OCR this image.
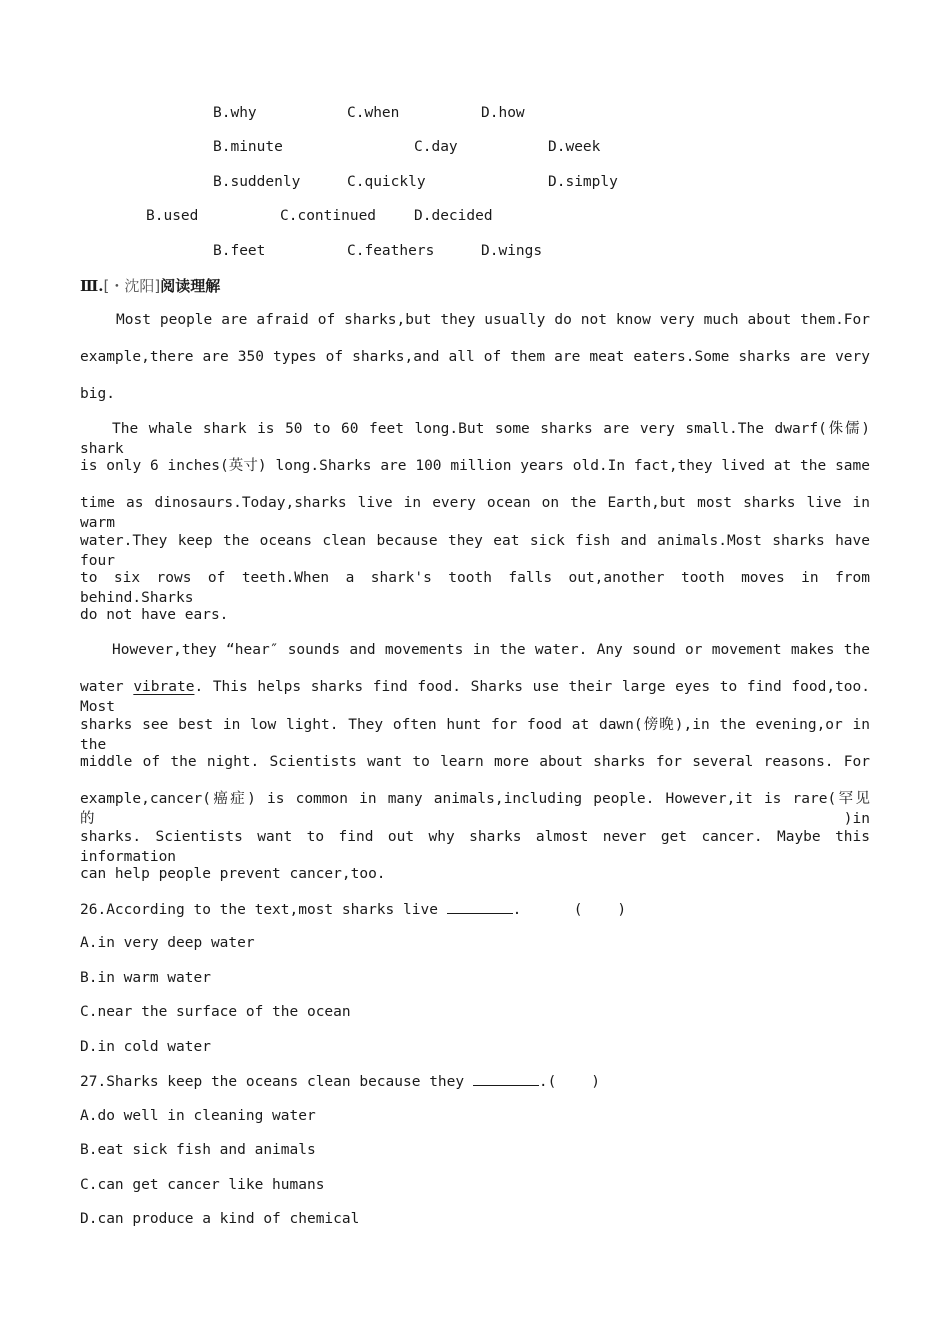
B.why	C.when	D.how
B.minute	C.day	D.week
B.suddenly	C.quickly	D.simply
B.used	C.continued	D.decided
B.feet	C.feathers	D.wings
Ⅲ.[・沈阳]阅读理解
Most people are afraid of sharks,but they usually do not know very much about them.For
example,there are 350 types of sharks,and all of them are meat eaters.Some sharks are very
big.
The whale shark is 50 to 60 feet long.But some sharks are very small.The dwarf(侏儒) shark
is only 6 inches(英寸) long.Sharks are 100 million years old.In fact,they lived at the same
time as dinosaurs.Today,sharks live in every ocean on the Earth,but most sharks live in warm
water.They keep the oceans clean because they eat sick fish and animals.Most sharks have four
to six rows of teeth.When a shark's tooth falls out,another tooth moves in from behind.Sharks
do not have ears.
However,they “hear″ sounds and movements in the water. Any sound or movement makes the
water vibrate. This helps sharks find food. Sharks use their large eyes to find food,too. Most
sharks see best in low light. They often hunt for food at dawn(傍晚),in the evening,or in the
middle of the night. Scientists want to learn more about sharks for several reasons. For
example,cancer(癌症) is common in many animals,including people. However,it is rare(罕见的)in
sharks. Scientists want to find out why sharks almost never get cancer. Maybe this information
can help people prevent cancer,too.
26.According to the text,most sharks live	.      (    )
A.in very deep water
B.in warm water
C.near the surface of the ocean
D.in cold water
27.Sharks keep the oceans clean because they	.(    )
A.do well in cleaning water
B.eat sick fish and animals
C.can get cancer like humans
D.can produce a kind of chemical
